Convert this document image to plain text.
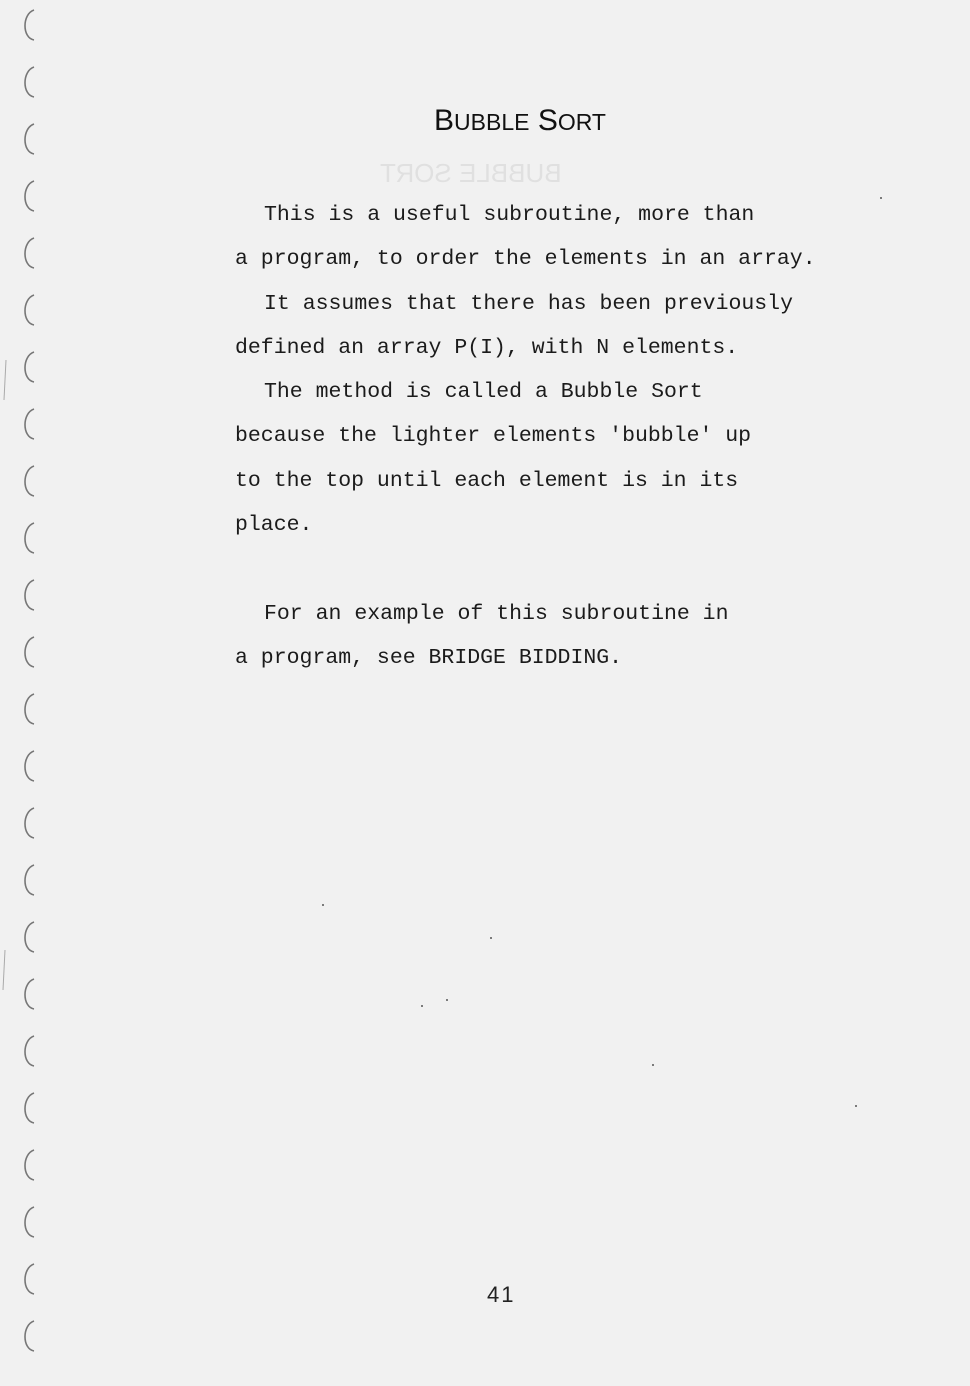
BUBBLE SORT
BUBBLE SORT
This is a useful subroutine, more than
a program, to order the elements in an array.
It assumes that there has been previously
defined an array P(I), with N elements.
The method is called a Bubble Sort
because the lighter elements 'bubble' up
to the top until each element is in its
place.
For an example of this subroutine in
a program, see BRIDGE BIDDING.
41
